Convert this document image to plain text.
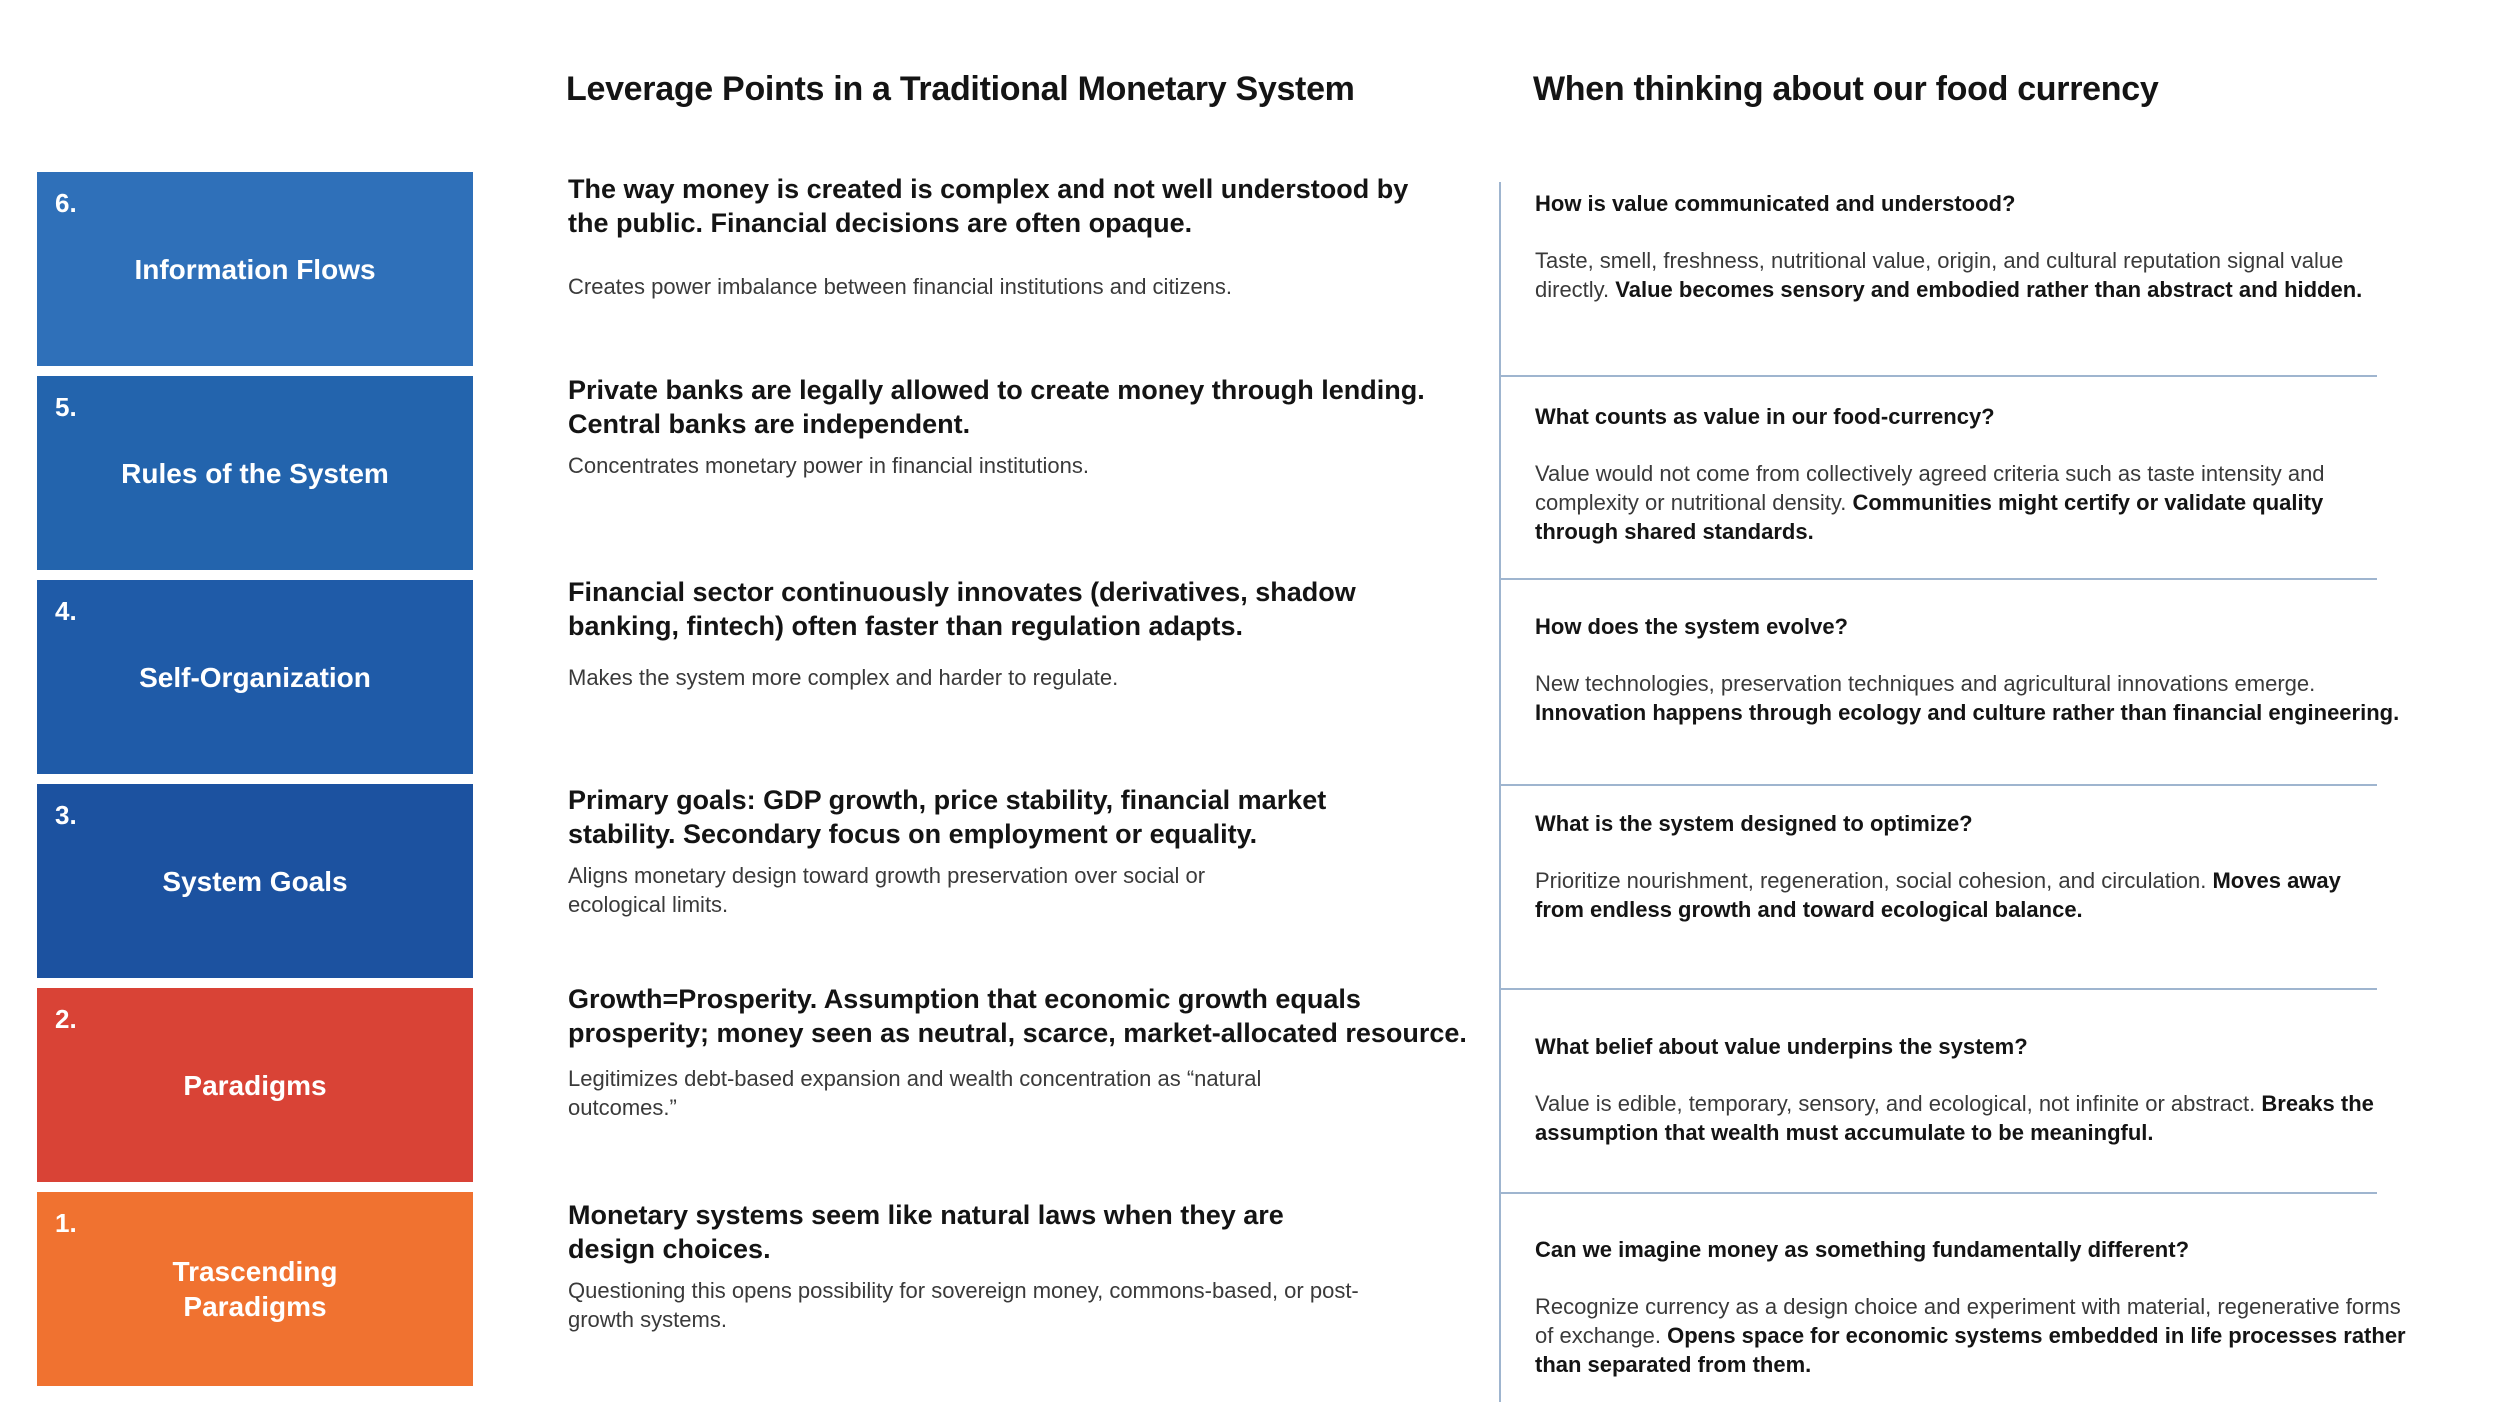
Leverage Points in a Traditional Monetary System	When thinking about our food currency
6.
Information Flows
5.
Rules of the System
4.
Self-Organization
3.
System Goals
2.
Paradigms
1.
Trascending Paradigms
The way money is created is complex and not well understood by the public. Financial decisions are often opaque.
Creates power imbalance between financial institutions and citizens.
Private banks are legally allowed to create money through lending. Central banks are independent.
Concentrates monetary power in financial institutions.
Financial sector continuously innovates (derivatives, shadow banking, fintech) often faster than regulation adapts.
Makes the system more complex and harder to regulate.
Primary goals: GDP growth, price stability, financial market stability. Secondary focus on employment or equality.
Aligns monetary design toward growth preservation over social or ecological limits.
Growth=Prosperity. Assumption that economic growth equals prosperity; money seen as neutral, scarce, market-allocated resource.
Legitimizes debt-based expansion and wealth concentration as “natural outcomes.”
Monetary systems seem like natural laws when they are design choices.
Questioning this opens possibility for sovereign money, commons-based, or post-growth systems.
How is value communicated and understood?
Taste, smell, freshness, nutritional value, origin, and cultural reputation signal value directly. Value becomes sensory and embodied rather than abstract and hidden.
What counts as value in our food-currency?
Value would not come from collectively agreed criteria such as taste intensity and complexity or nutritional density. Communities might certify or validate quality through shared standards.
How does the system evolve?
New technologies, preservation techniques and agricultural innovations emerge. Innovation happens through ecology and culture rather than financial engineering.
What is the system designed to optimize?
Prioritize nourishment, regeneration, social cohesion, and circulation. Moves away from endless growth and toward ecological balance.
What belief about value underpins the system?
Value is edible, temporary, sensory, and ecological, not infinite or abstract. Breaks the assumption that wealth must accumulate to be meaningful.
Can we imagine money as something fundamentally different?
Recognize currency as a design choice and experiment with material, regenerative forms of exchange. Opens space for economic systems embedded in life processes rather than separated from them.
